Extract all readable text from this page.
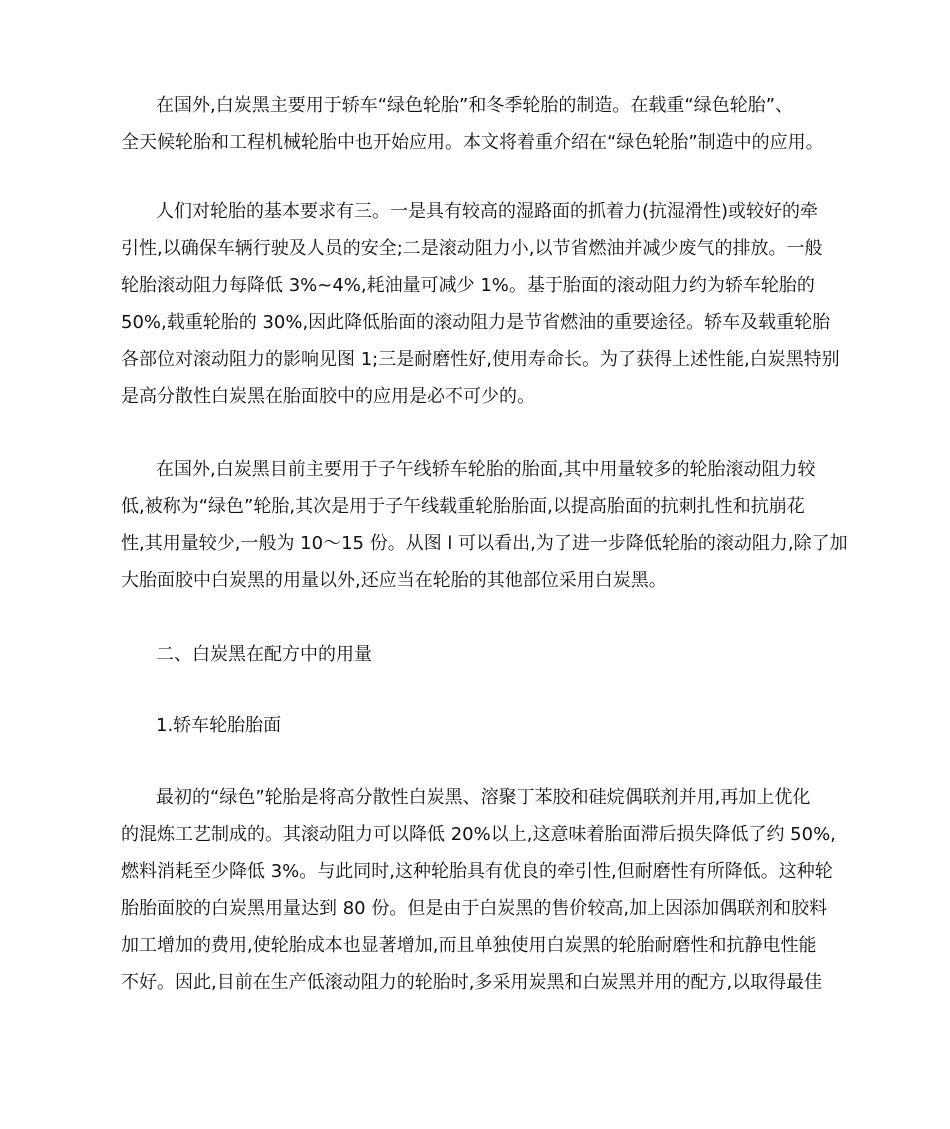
在国外,白炭黑主要用于轿车“绿色轮胎”和冬季轮胎的制造。在载重“绿色轮胎”、
全天候轮胎和工程机械轮胎中也开始应用。本文将着重介绍在“绿色轮胎”制造中的应用。
人们对轮胎的基本要求有三。一是具有较高的湿路面的抓着力(抗湿滑性)或较好的牵
引性,以确保车辆行驶及人员的安全;二是滚动阻力小,以节省燃油并减少废气的排放。一般
轮胎滚动阻力每降低 3%~4%,耗油量可减少 1%。基于胎面的滚动阻力约为轿车轮胎的
50%,载重轮胎的 30%,因此降低胎面的滚动阻力是节省燃油的重要途径。轿车及载重轮胎
各部位对滚动阻力的影响见图 1;三是耐磨性好,使用寿命长。为了获得上述性能,白炭黑特别
是高分散性白炭黑在胎面胶中的应用是必不可少的。
在国外,白炭黑目前主要用于子午线轿车轮胎的胎面,其中用量较多的轮胎滚动阻力较
低,被称为“绿色”轮胎,其次是用于子午线载重轮胎胎面,以提高胎面的抗刺扎性和抗崩花
性,其用量较少,一般为 10～15 份。从图 l 可以看出,为了进一步降低轮胎的滚动阻力,除了加
大胎面胶中白炭黑的用量以外,还应当在轮胎的其他部位采用白炭黑。
二、白炭黑在配方中的用量
1.轿车轮胎胎面
最初的“绿色”轮胎是将高分散性白炭黑、溶聚丁苯胶和硅烷偶联剂并用,再加上优化
的混炼工艺制成的。其滚动阻力可以降低 20%以上,这意味着胎面滞后损失降低了约 50%,
燃料消耗至少降低 3%。与此同时,这种轮胎具有优良的牵引性,但耐磨性有所降低。这种轮
胎胎面胶的白炭黑用量达到 80 份。但是由于白炭黑的售价较高,加上因添加偶联剂和胶料
加工增加的费用,使轮胎成本也显著增加,而且单独使用白炭黑的轮胎耐磨性和抗静电性能
不好。因此,目前在生产低滚动阻力的轮胎时,多采用炭黑和白炭黑并用的配方,以取得最佳
